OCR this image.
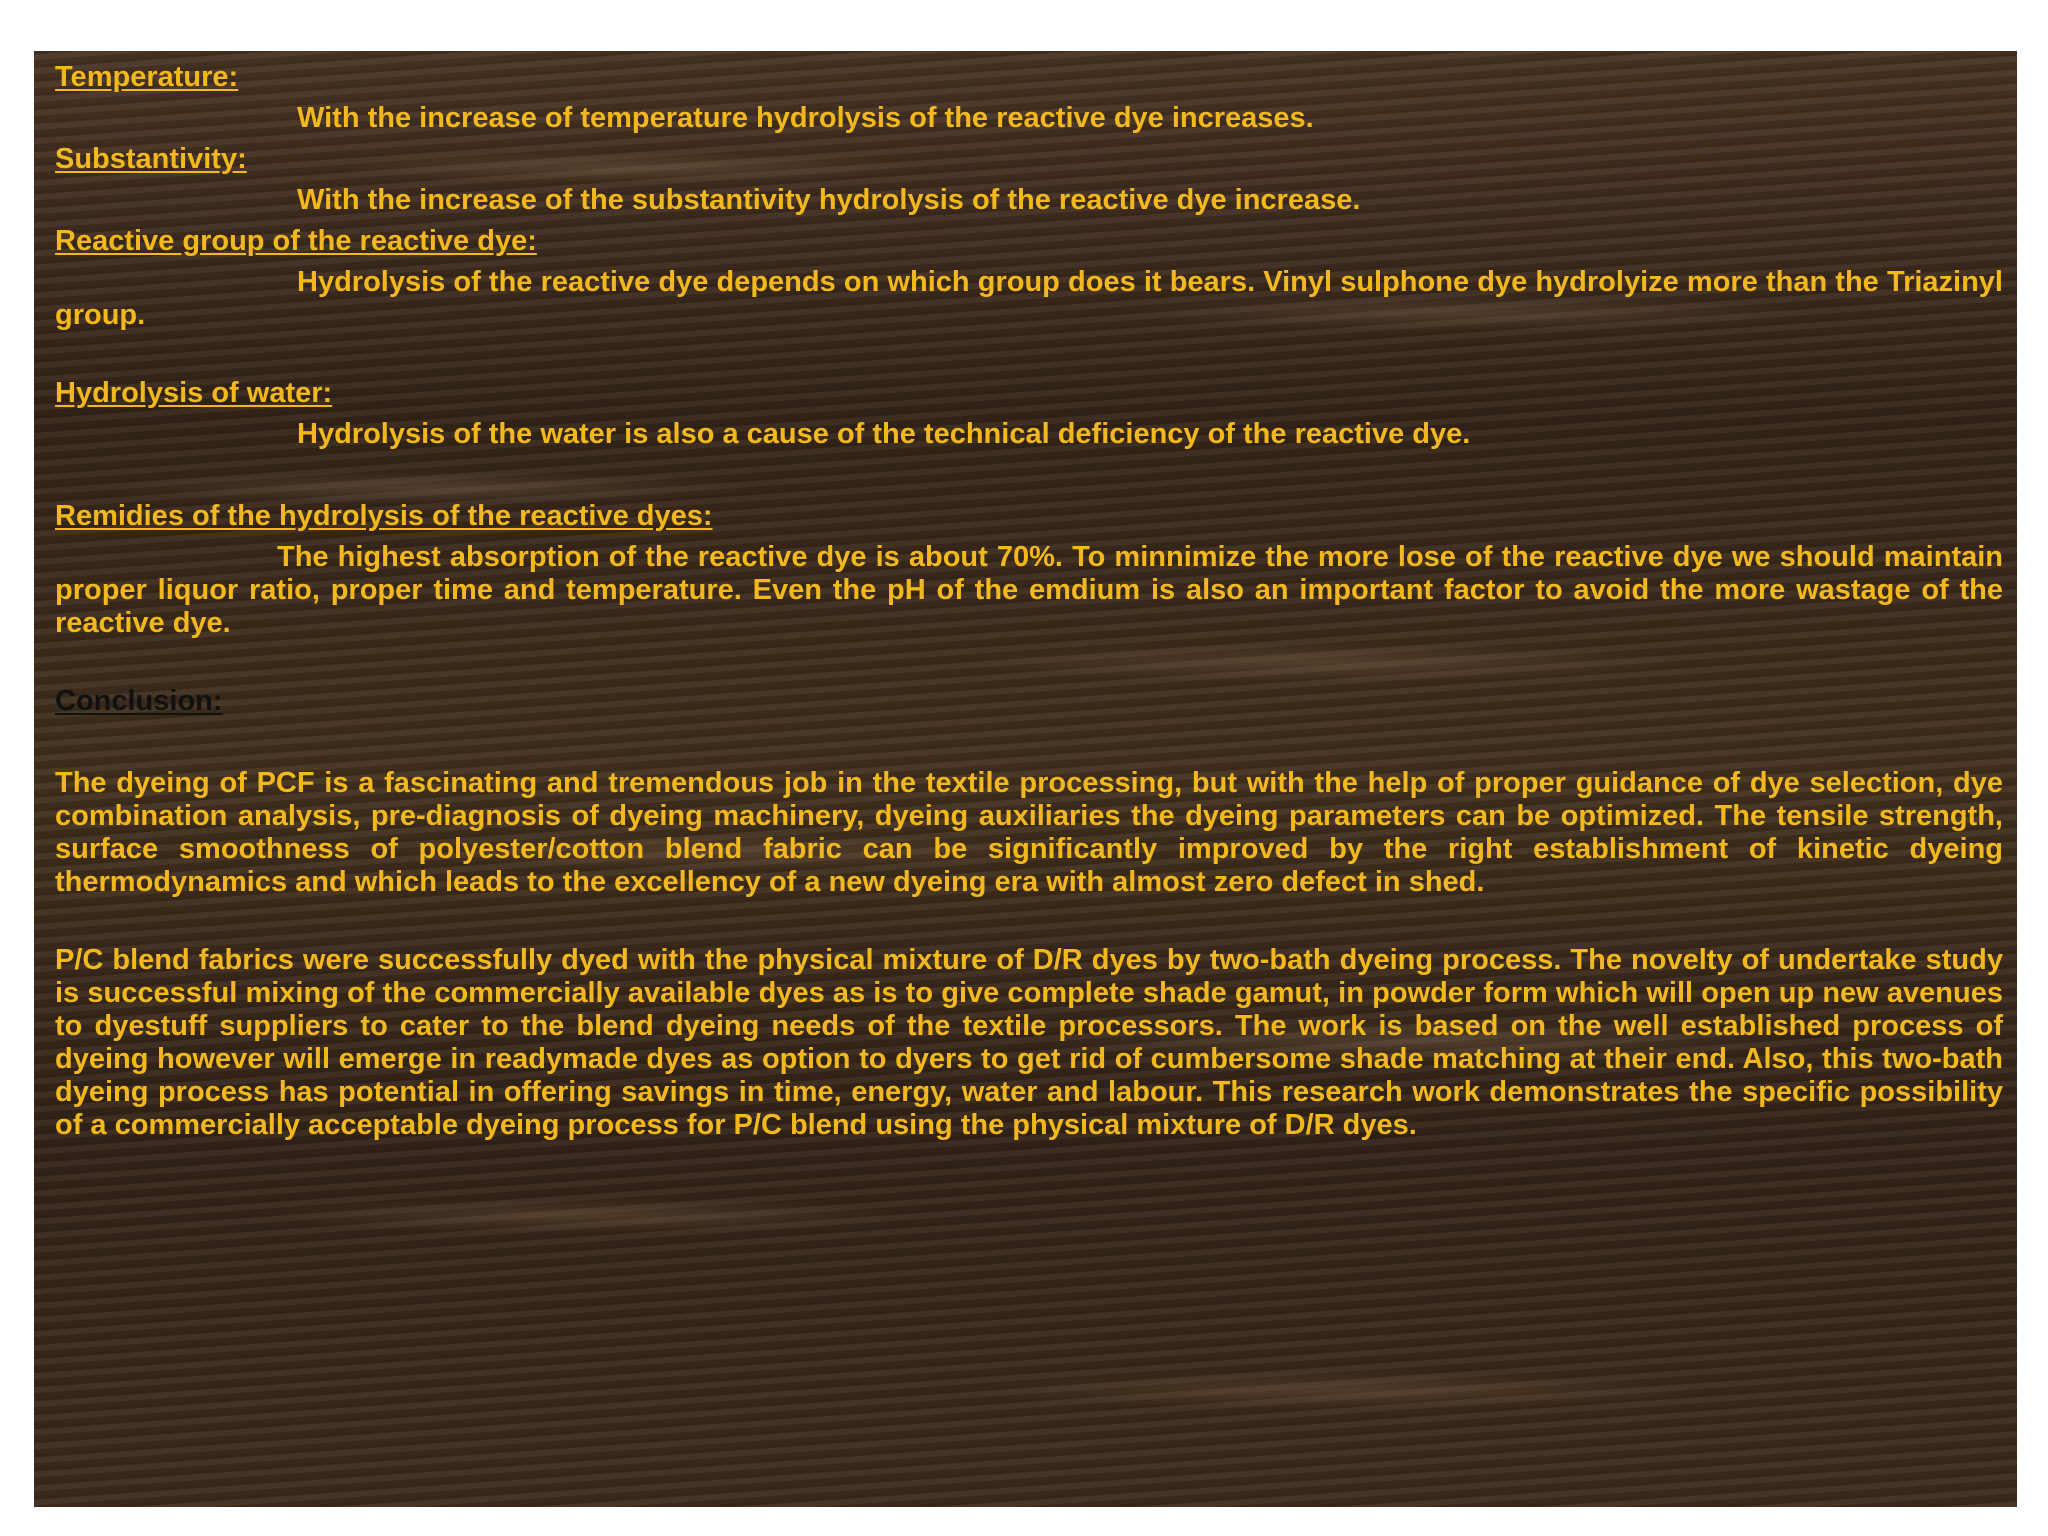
Temperature:

With the increase of temperature hydrolysis of the reactive dye increases.

Substantivity:

With the increase of the substantivity hydrolysis of the reactive dye increase.

Reactive group of the reactive dye:

Hydrolysis of the reactive dye depends on which group does it bears. Vinyl sulphone dye hydrolyize more than the Triazinyl group.

Hydrolysis of water:

Hydrolysis of the water is also a cause of the technical deficiency of the reactive dye.

Remidies of the hydrolysis of the reactive dyes:

The highest absorption of the reactive dye is about 70%. To minnimize the more lose of the reactive dye we should maintain proper liquor ratio, proper time and temperature. Even the pH of the emdium is also an important factor to avoid the more wastage of the reactive dye.

Conclusion:

The dyeing of PCF is a fascinating and tremendous job in the textile processing, but with the help of proper guidance of dye selection, dye combination analysis, pre-diagnosis of dyeing machinery, dyeing auxiliaries the dyeing parameters can be optimized. The tensile strength, surface smoothness of polyester/cotton blend fabric can be significantly improved by the right establishment of kinetic dyeing thermodynamics and which leads to the excellency of a new dyeing era with almost zero defect in shed.

P/C blend fabrics were successfully dyed with the physical mixture of D/R dyes by two-bath dyeing process. The novelty of undertake study is successful mixing of the commercially available dyes as is to give complete shade gamut, in powder form which will open up new avenues to dyestuff suppliers to cater to the blend dyeing needs of the textile processors. The work is based on the well established process of dyeing however will emerge in readymade dyes as option to dyers to get rid of cumbersome shade matching at their end. Also, this two-bath dyeing process has potential in offering savings in time, energy, water and labour. This research work demonstrates the specific possibility of a commercially acceptable dyeing process for P/C blend using the physical mixture of D/R dyes.
